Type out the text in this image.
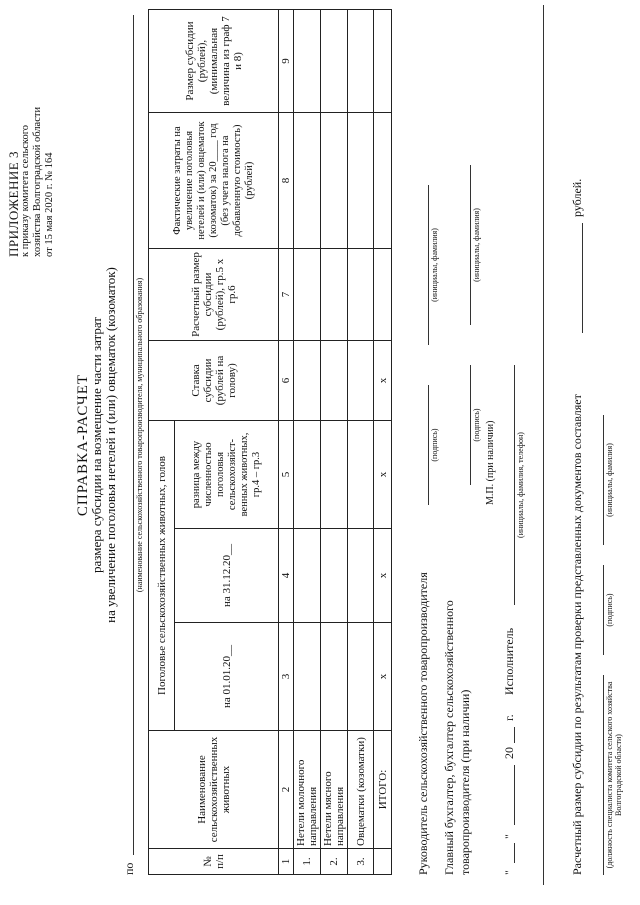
ПРИЛОЖЕНИЕ 3 к приказу комитета сельского хозяйства Волгоградской области от 15 мая 2020 г. № 164
СПРАВКА-РАСЧЕТ
размера субсидии на возмещение части затрат на увеличение поголовья нетелей и (или) овцематок (козоматок)
по
(наименование сельскохозяйственного товаропроизводителя, муниципального образования)
№ п/п	Наименование сельскохозяйственных животных	Поголовье сельскохозяйственных животных, голов			Ставка субсидии (рублей на голову)	Расчетный размер субсидии (рублей), гр.5 х гр.6	Фактические затраты на увеличение поголовья нетелей и (или) овцематок (козоматок) за 20____ год (без учета налога на добавленную стоимость) (рублей)	Размер субсидии (рублей), (минимальная величина из граф 7 и 8)
		на 01.01.20__	на 31.12.20__	разница между численностью поголовья сельскохозяйст-венных животных, гр.4 – гр.3				
1	2	3	4	5	6	7	8	9
1.	Нетели молочного направления							
2.	Нетели мясного направления							
3.	Овцематки (козоматки)							
	ИТОГО:	x	x	x	x			
Руководитель сельскохозяйственного товаропроизводителя
(подпись)
(инициалы, фамилия)
Главный бухгалтер, бухгалтер сельскохозяйственного товаропроизводителя (при наличии)
(подпись)
(инициалы, фамилия)
М.П. (при наличии)
"
"
20
г.
Исполнитель
(инициалы, фамилия, телефон)	Расчетный размер субсидии по результатам проверки представленных документов составляет
рублей.
(должность специалиста комитета сельского хозяйства Волгоградской области)
(подпись)
(инициалы, фамилия)
